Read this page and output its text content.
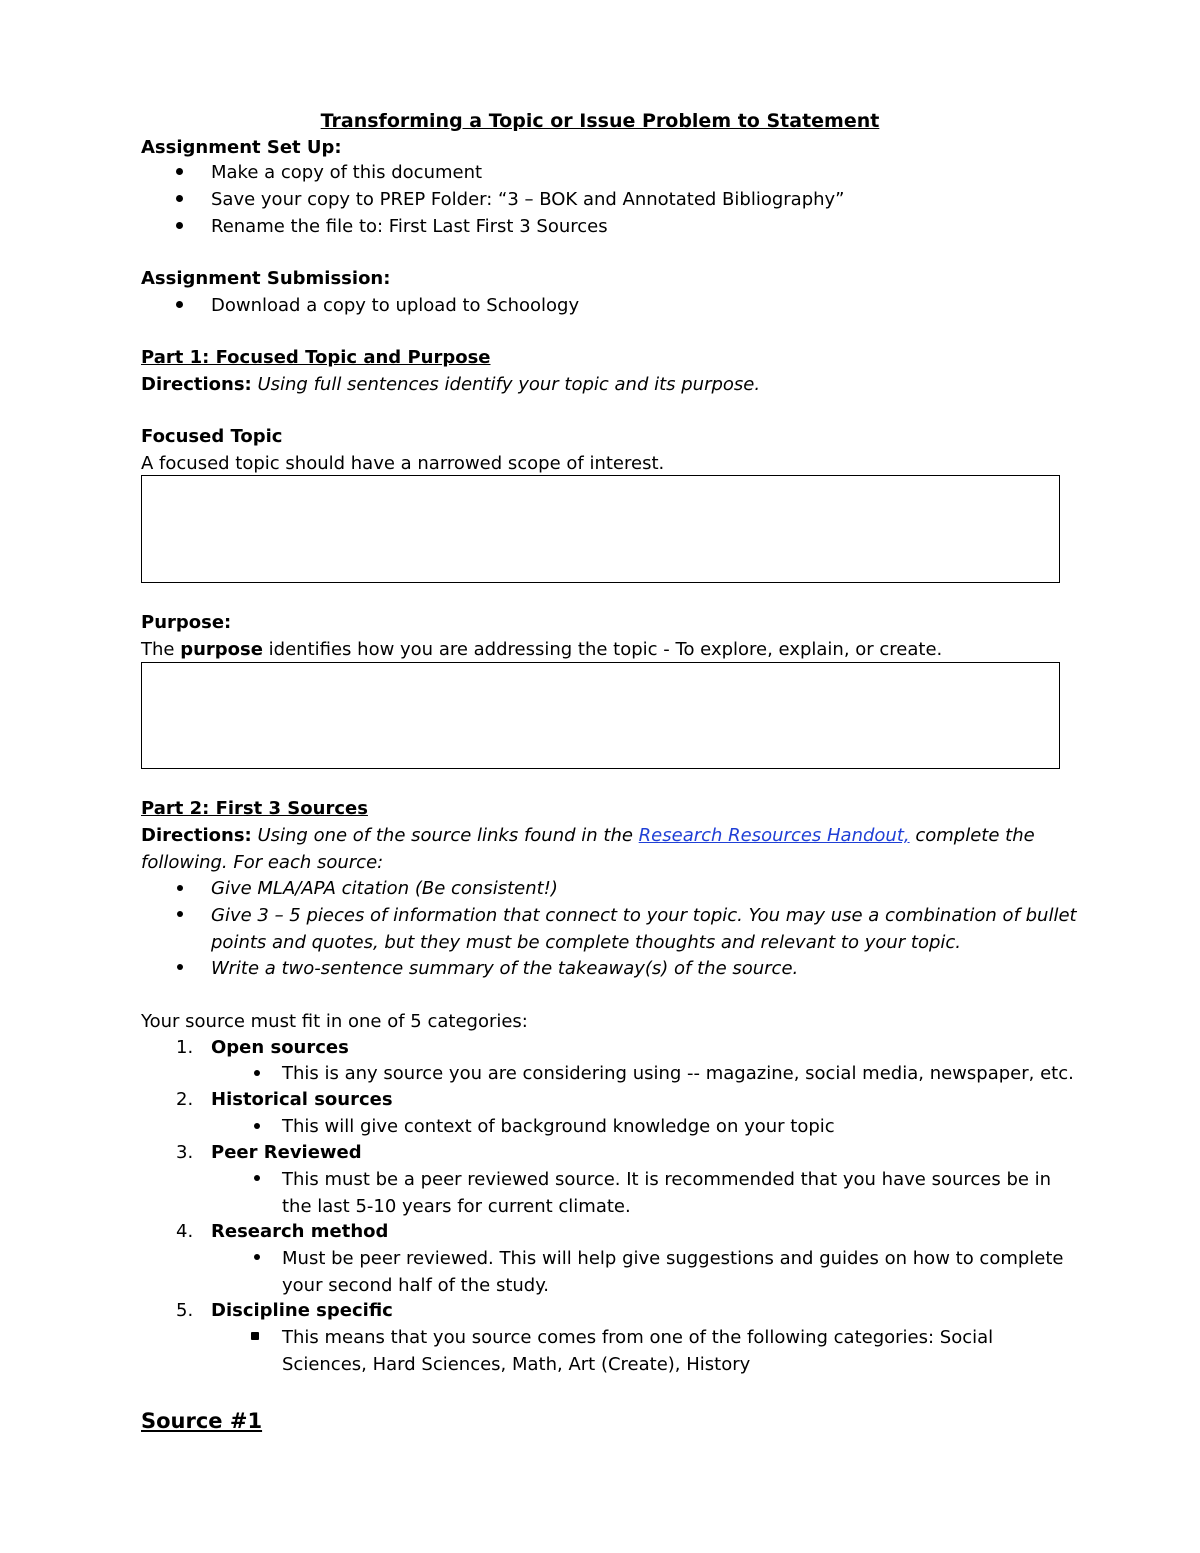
Transforming a Topic or Issue Problem to Statement
Assignment Set Up:
Make a copy of this document
Save your copy to PREP Folder: “3 – BOK and Annotated Bibliography”
Rename the file to: First Last First 3 Sources
Assignment Submission:
Download a copy to upload to Schoology
Part 1: Focused Topic and Purpose
Directions: Using full sentences identify your topic and its purpose.
Focused Topic
A focused topic should have a narrowed scope of interest.
Purpose:
The purpose identifies how you are addressing the topic - To explore, explain, or create.
Part 2: First 3 Sources
Directions: Using one of the source links found in the Research Resources Handout, complete the
following. For each source:
Give MLA/APA citation (Be consistent!)
Give 3 – 5 pieces of information that connect to your topic. You may use a combination of bullet
points and quotes, but they must be complete thoughts and relevant to your topic.
Write a two-sentence summary of the takeaway(s) of the source.
Your source must fit in one of 5 categories:
1. Open sources
This is any source you are considering using -- magazine, social media, newspaper, etc.
2. Historical sources
This will give context of background knowledge on your topic
3. Peer Reviewed
This must be a peer reviewed source. It is recommended that you have sources be in
the last 5-10 years for current climate.
4. Research method
Must be peer reviewed. This will help give suggestions and guides on how to complete
your second half of the study.
5. Discipline specific
This means that you source comes from one of the following categories: Social
Sciences, Hard Sciences, Math, Art (Create), History
Source #1
